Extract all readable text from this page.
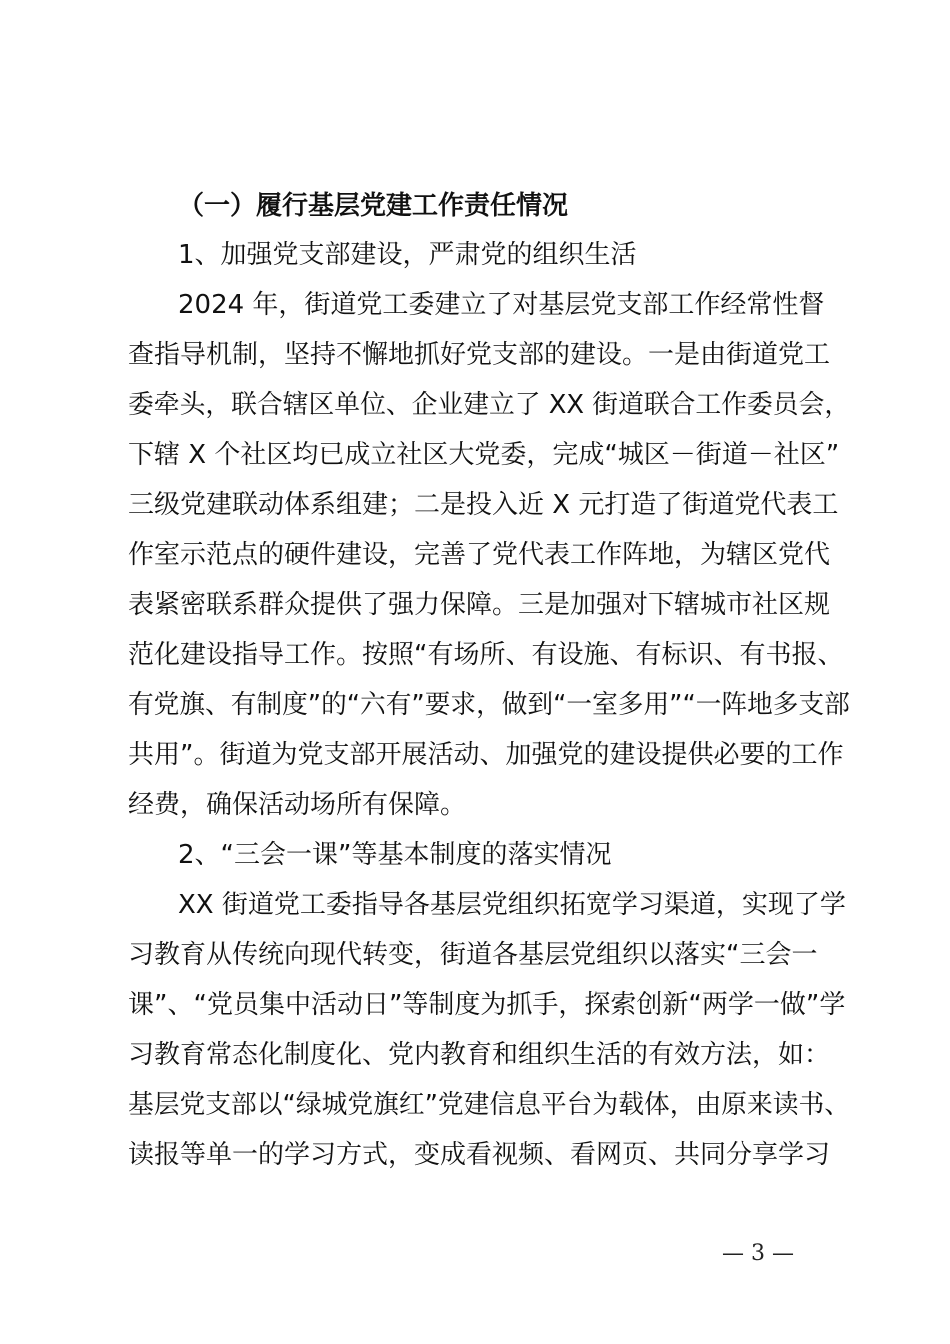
（一）履行基层党建工作责任情况
1、加强党支部建设，严肃党的组织生活
2024 年，街道党工委建立了对基层党支部工作经常性督
查指导机制，坚持不懈地抓好党支部的建设。一是由街道党工
委牵头，联合辖区单位、企业建立了 XX 街道联合工作委员会，
下辖 X 个社区均已成立社区大党委，完成“城区－街道－社区”
三级党建联动体系组建；二是投入近 X 元打造了街道党代表工
作室示范点的硬件建设，完善了党代表工作阵地，为辖区党代
表紧密联系群众提供了强力保障。三是加强对下辖城市社区规
范化建设指导工作。按照“有场所、有设施、有标识、有书报、
有党旗、有制度”的“六有”要求，做到“一室多用”“一阵地多支部
共用”。街道为党支部开展活动、加强党的建设提供必要的工作
经费，确保活动场所有保障。
2、“三会一课”等基本制度的落实情况
XX 街道党工委指导各基层党组织拓宽学习渠道，实现了学
习教育从传统向现代转变，街道各基层党组织以落实“三会一
课”、“党员集中活动日”等制度为抓手，探索创新“两学一做”学
习教育常态化制度化、党内教育和组织生活的有效方法，如：
基层党支部以“绿城党旗红”党建信息平台为载体，由原来读书、
读报等单一的学习方式，变成看视频、看网页、共同分享学习
— 3 —
